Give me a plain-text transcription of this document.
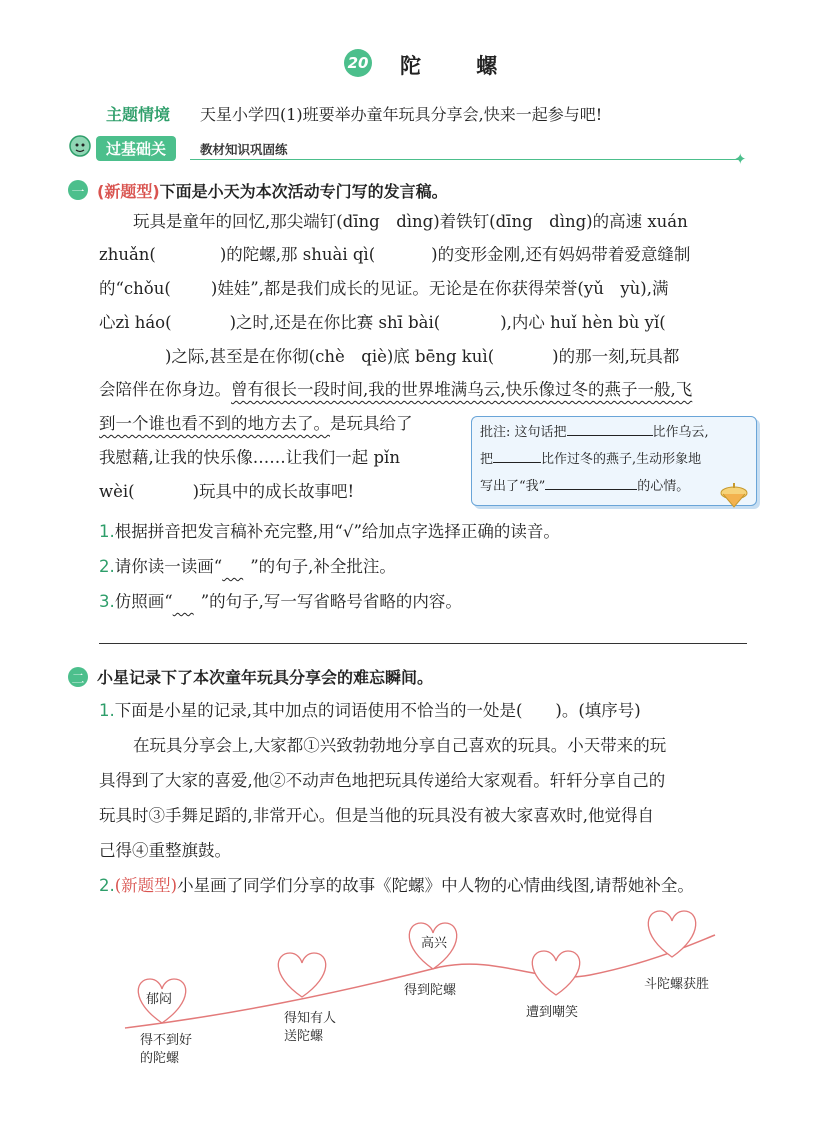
20 陀 螺
主题情境 天星小学四(1)班要举办童年玩具分享会,快来一起参与吧!
过基础关	教材知识巩固练
✦
一 (新题型)下面是小天为本次活动专门写的发言稿。
玩具是童年的回忆,那尖端钉(dīng　dìng)着铁钉(dīng　dìng)的高速 xuán
zhuǎn(	)的陀螺,那 shuài qì(	)的变形金刚,还有妈妈带着爱意缝制
的“chǒu( )娃娃”,都是我们成长的见证。无论是在你获得荣誉(yǔ　yù),满
心zì háo(	)之时,还是在你比赛 shī bài(	),内心 huǐ hèn bù yǐ(
)之际,甚至是在你彻(chè　qiè)底 bēng kuì(	)的那一刻,玩具都
会陪伴在你身边。曾有很长一段时间,我的世界堆满乌云,快乐像过冬的燕子一般,飞
到一个谁也看不到的地方去了。是玩具给了
我慰藉,让我的快乐像……让我们一起 pǐn
wèi(	)玩具中的成长故事吧!
批注: 这句话把	比作乌云,
把	比作过冬的燕子,生动形象地
写出了“我”	的心情。
1.根据拼音把发言稿补充完整,用“√”给加点字选择正确的读音。
2.请你读一读画“ ”的句子,补全批注。
3.仿照画“ ”的句子,写一写省略号省略的内容。
二 小星记录下了本次童年玩具分享会的难忘瞬间。
1.下面是小星的记录,其中加点的词语使用不恰当的一处是(　　)。(填序号)
在玩具分享会上,大家都①兴致勃勃地分享自己喜欢的玩具。小天带来的玩
具得到了大家的喜爱,他②不动声色地把玩具传递给大家观看。轩轩分享自己的
玩具时③手舞足蹈的,非常开心。但是当他的玩具没有被大家喜欢时,他觉得自
己得④重整旗鼓。
2.(新题型)小星画了同学们分享的故事《陀螺》中人物的心情曲线图,请帮她补全。
郁闷
高兴
得不到好
的陀螺
得知有人
送陀螺
得到陀螺
遭到嘲笑
斗陀螺获胜
